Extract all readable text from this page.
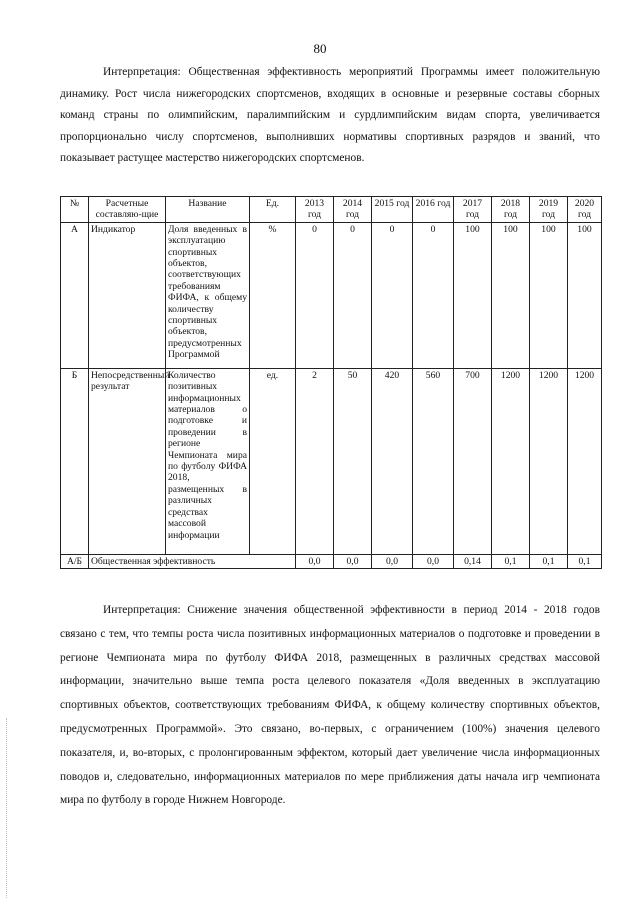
80

Интерпретация: Общественная эффективность мероприятий Программы имеет положительную динамику. Рост числа нижегородских спортсменов, входящих в основные и резервные составы сборных команд страны по олимпийским, паралимпийским и сурдлимпийским видам спорта, увеличивается пропорционально числу спортсменов, выполнивших нормативы спортивных разрядов и званий, что показывает растущее мастерство нижегородских спортсменов.

№	Расчетные составляю-щие	Название	Ед.	2013 год	2014 год	2015 год	2016 год	2017 год	2018 год	2019 год	2020 год
А	Индикатор	Доля введенных в эксплуатацию спортивных объектов, соответствующих требованиям ФИФА, к общему количеству спортивных объектов, предусмотренных Программой	%	0	0	0	0	100	100	100	100
Б	Непосредственный результат	Количество позитивных информационных материалов о подготовке и проведении в регионе Чемпионата мира по футболу ФИФА 2018, размещенных в различных средствах массовой информации	ед.	2	50	420	560	700	1200	1200	1200
А/Б	Общественная эффективность			0,0	0,0	0,0	0,0	0,14	0,1	0,1	0,1

Интерпретация: Снижение значения общественной эффективности в период 2014 - 2018 годов связано с тем, что темпы роста числа позитивных информационных материалов о подготовке и проведении в регионе Чемпионата мира по футболу ФИФА 2018, размещенных в различных средствах массовой информации, значительно выше темпа роста целевого показателя «Доля введенных в эксплуатацию спортивных объектов, соответствующих требованиям ФИФА, к общему количеству спортивных объектов, предусмотренных Программой». Это связано, во-первых, с ограничением (100%) значения целевого показателя, и, во-вторых, с пролонгированным эффектом, который дает увеличение числа информационных поводов и, следовательно, информационных материалов по мере приближения даты начала игр чемпионата мира по футболу в городе Нижнем Новгороде.
